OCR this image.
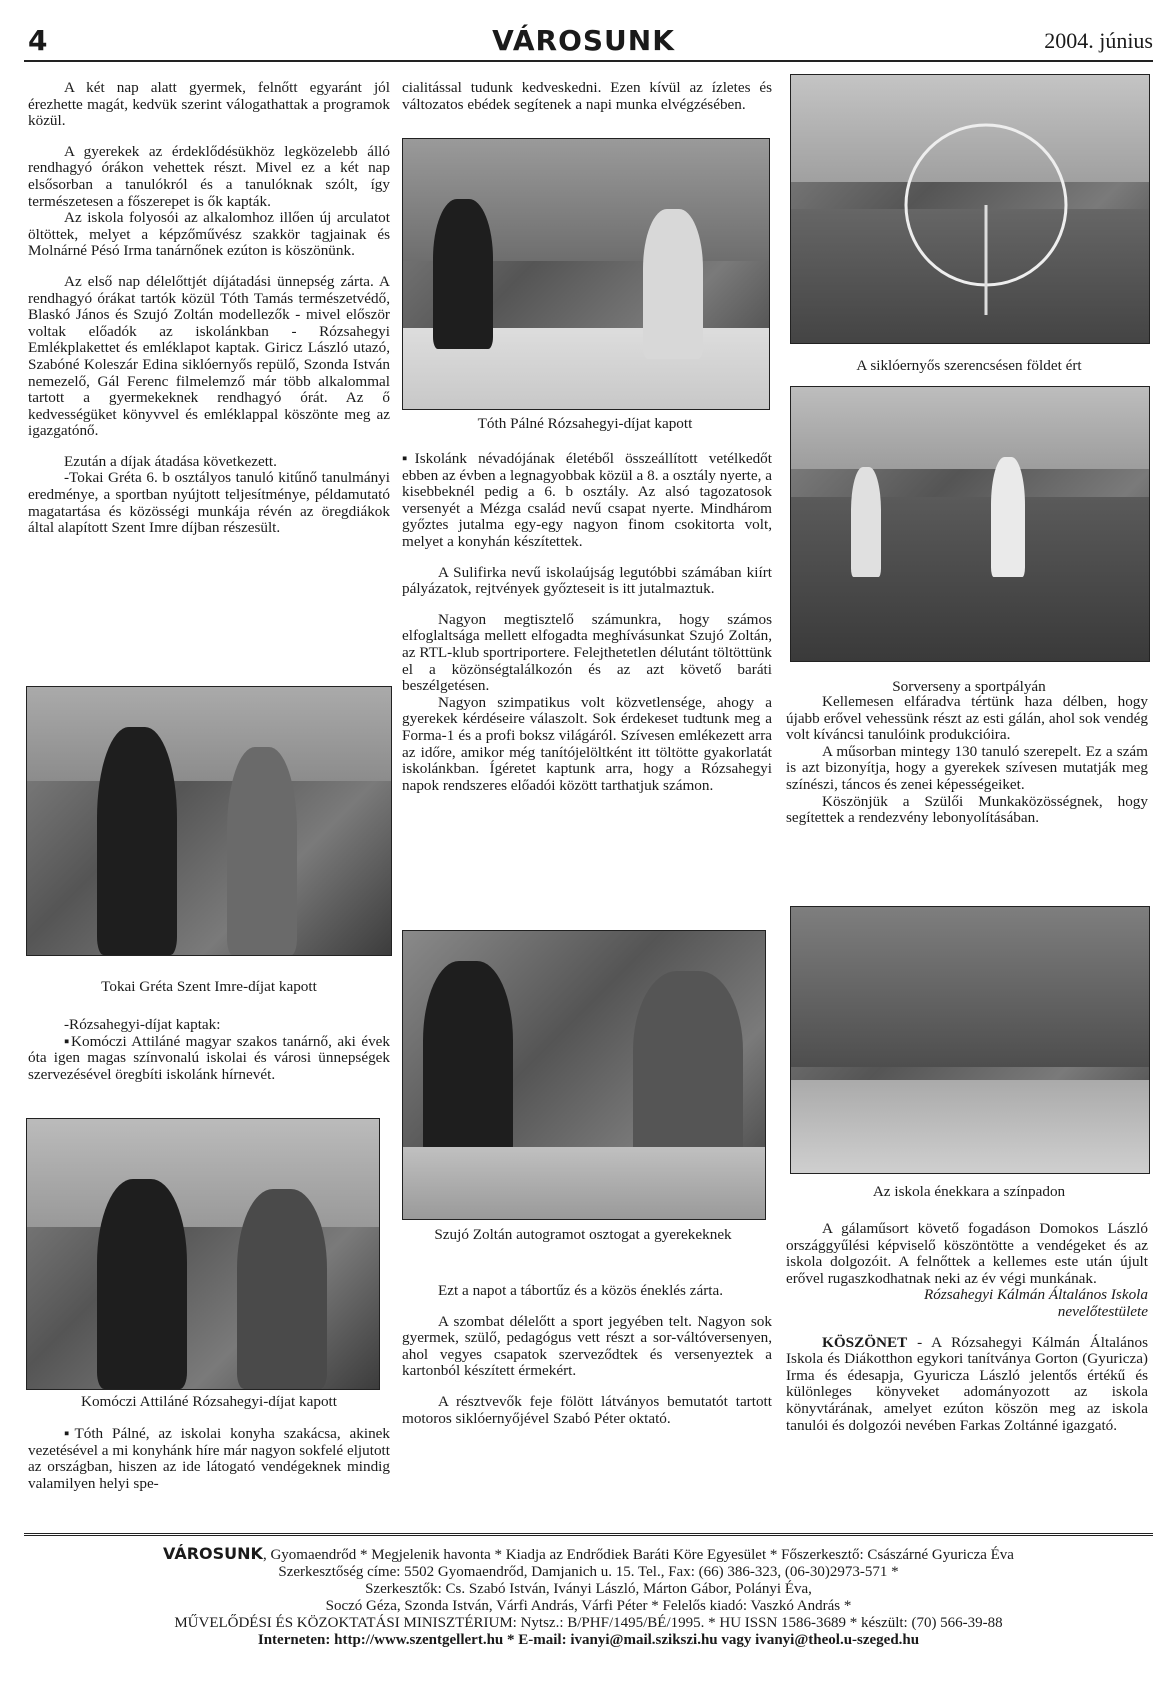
4	VÁROSUNK	2004. június

A két nap alatt gyermek, felnőtt egyaránt jól érezhette magát, kedvük szerint válogathattak a programok közül.

A gyerekek az érdeklődésükhöz legközelebb álló rendhagyó órákon vehettek részt. Mivel ez a két nap elsősorban a tanulókról és a tanulóknak szólt, így természetesen a főszerepet is ők kapták.

Az iskola folyosói az alkalomhoz illően új arculatot öltöttek, melyet a képzőművész szakkör tagjainak és Molnárné Pésó Irma tanárnőnek ezúton is köszönünk.

Az első nap délelőttjét díjátadási ünnepség zárta. A rendhagyó órákat tartók közül Tóth Tamás természetvédő, Blaskó János és Szujó Zoltán modellezők - mivel először voltak előadók az iskolánkban - Rózsahegyi Emlékplakettet és emléklapot kaptak. Giricz László utazó, Szabóné Koleszár Edina siklóernyős repülő, Szonda István nemezelő, Gál Ferenc filmelemző már több alkalommal tartott a gyermekeknek rendhagyó órát. Az ő kedvességüket könyvvel és emléklappal köszönte meg az igazgatónő.

Ezután a díjak átadása következett.

-Tokai Gréta 6. b osztályos tanuló kitűnő tanulmányi eredménye, a sportban nyújtott teljesítménye, példamutató magatartása és közösségi munkája révén az öregdiákok által alapított Szent Imre díjban részesült.

Tokai Gréta Szent Imre-díjat kapott

-Rózsahegyi-díjat kaptak:

▪Komóczi Attiláné magyar szakos tanárnő, aki évek óta igen magas színvonalú iskolai és városi ünnepségek szervezésével öregbíti iskolánk hírnevét.

Komóczi Attiláné Rózsahegyi-díjat kapott

▪Tóth Pálné, az iskolai konyha szakácsa, akinek vezetésével a mi konyhánk híre már nagyon sokfelé eljutott az országban, hiszen az ide látogató vendégeknek mindig valamilyen helyi spe-

cialitással tudunk kedveskedni. Ezen kívül az ízletes és változatos ebédek segítenek a napi munka elvégzésében.

Tóth Pálné Rózsahegyi-díjat kapott

▪Iskolánk névadójának életéből összeállított vetélkedőt ebben az évben a legnagyobbak közül a 8. a osztály nyerte, a kisebbeknél pedig a 6. b osztály. Az alsó tagozatosok versenyét a Mézga család nevű csapat nyerte. Mindhárom győztes jutalma egy-egy nagyon finom csokitorta volt, melyet a konyhán készítettek.

A Sulifirka nevű iskolaújság legutóbbi számában kiírt pályázatok, rejtvények győzteseit is itt jutalmaztuk.

Nagyon megtisztelő számunkra, hogy számos elfoglaltsága mellett elfogadta meghívásunkat Szujó Zoltán, az RTL-klub sportriportere. Felejthetetlen délutánt töltöttünk el a közönségtalálkozón és az azt követő baráti beszélgetésen.

Nagyon szimpatikus volt közvetlensége, ahogy a gyerekek kérdéseire válaszolt. Sok érdekeset tudtunk meg a Forma-1 és a profi boksz világáról. Szívesen emlékezett arra az időre, amikor még tanítójelöltként itt töltötte gyakorlatát iskolánkban. Ígéretet kaptunk arra, hogy a Rózsahegyi napok rendszeres előadói között tarthatjuk számon.

Szujó Zoltán autogramot osztogat a gyerekeknek

Ezt a napot a tábortűz és a közös éneklés zárta.

A szombat délelőtt a sport jegyében telt. Nagyon sok gyermek, szülő, pedagógus vett részt a sor-váltóversenyen, ahol vegyes csapatok szerveződtek és versenyeztek a kartonból készített érmekért.

A résztvevők feje fölött látványos bemutatót tartott motoros siklóernyőjével Szabó Péter oktató.

A siklóernyős szerencsésen földet ért
Sorverseny a sportpályán

Kellemesen elfáradva tértünk haza délben, hogy újabb erővel vehessünk részt az esti gálán, ahol sok vendég volt kíváncsi tanulóink produkcióira.

A műsorban mintegy 130 tanuló szerepelt. Ez a szám is azt bizonyítja, hogy a gyerekek szívesen mutatják meg színészi, táncos és zenei képességeiket.

Köszönjük a Szülői Munkaközösségnek, hogy segítettek a rendezvény lebonyolításában.

Az iskola énekkara a színpadon

A gálaműsort követő fogadáson Domokos László országgyűlési képviselő köszöntötte a vendégeket és az iskola dolgozóit. A felnőttek a kellemes este után újult erővel rugaszkodhatnak neki az év végi munkának.

Rózsahegyi Kálmán Általános Iskola

nevelőtestülete

KÖSZÖNET - A Rózsahegyi Kálmán Általános Iskola és Diákotthon egykori tanítványa Gorton (Gyuricza) Irma és édesapja, Gyuricza László jelentős értékű és különleges könyveket adományozott az iskola könyvtárának, amelyet ezúton köszön meg az iskola tanulói és dolgozói nevében Farkas Zoltánné igazgató.

VÁROSUNK, Gyomaendrőd * Megjelenik havonta * Kiadja az Endrődiek Baráti Köre Egyesület * Főszerkesztő: Császárné Gyuricza Éva
Szerkesztőség címe: 5502 Gyomaendrőd, Damjanich u. 15. Tel., Fax: (66) 386-323, (06-30)2973-571 *
Szerkesztők: Cs. Szabó István, Iványi László, Márton Gábor, Polányi Éva,
Soczó Géza, Szonda István, Várfi András, Várfi Péter * Felelős kiadó: Vaszkó András *
MŰVELŐDÉSI ÉS KÖZOKTATÁSI MINISZTÉRIUM: Nytsz.: B/PHF/1495/BÉ/1995. * HU ISSN 1586-3689 * készült: (70) 566-39-88
Interneten: http://www.szentgellert.hu * E-mail: ivanyi@mail.szikszi.hu vagy ivanyi@theol.u-szeged.hu
